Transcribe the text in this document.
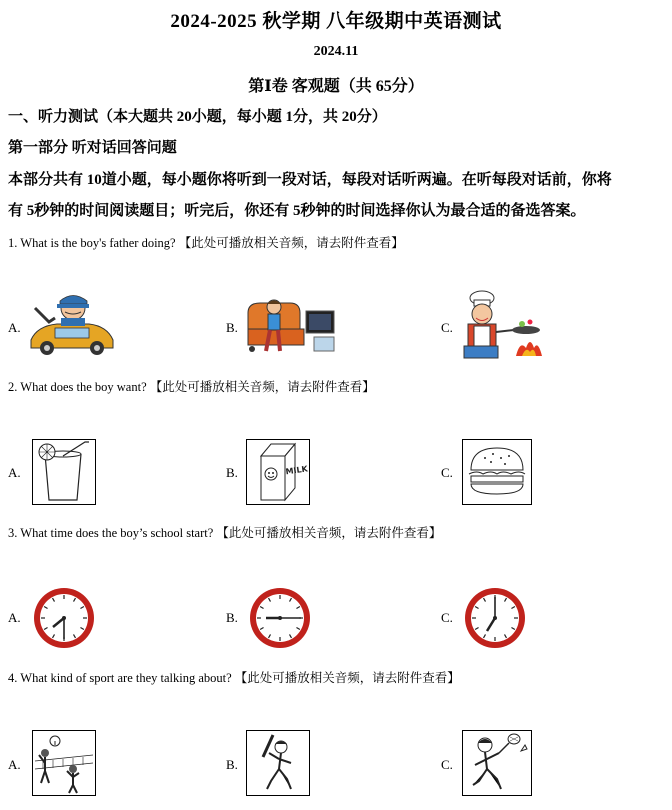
2024-2025 秋学期 八年级期中英语测试
2024.11
第Ⅰ卷 客观题（共 65分）
一、听力测试（本大题共 20小题，每小题 1分，共 20分）
第一部分 听对话回答问题
本部分共有 10道小题，每小题你将听到一段对话，每段对话听两遍。在听每段对话前，你将
有 5秒钟的时间阅读题目；听完后，你还有 5秒钟的时间选择你认为最合适的备选答案。
1. What is the boy's father doing? 【此处可播放相关音频，请去附件查看】
A.	B.	C.
2. What does the boy want? 【此处可播放相关音频，请去附件查看】
A.	B.	C.
MILK
3. What time does the boy’s school start? 【此处可播放相关音频，请去附件查看】
A.	B.	C.
4. What kind of sport are they talking about? 【此处可播放相关音频，请去附件查看】
A.	B.	C.
